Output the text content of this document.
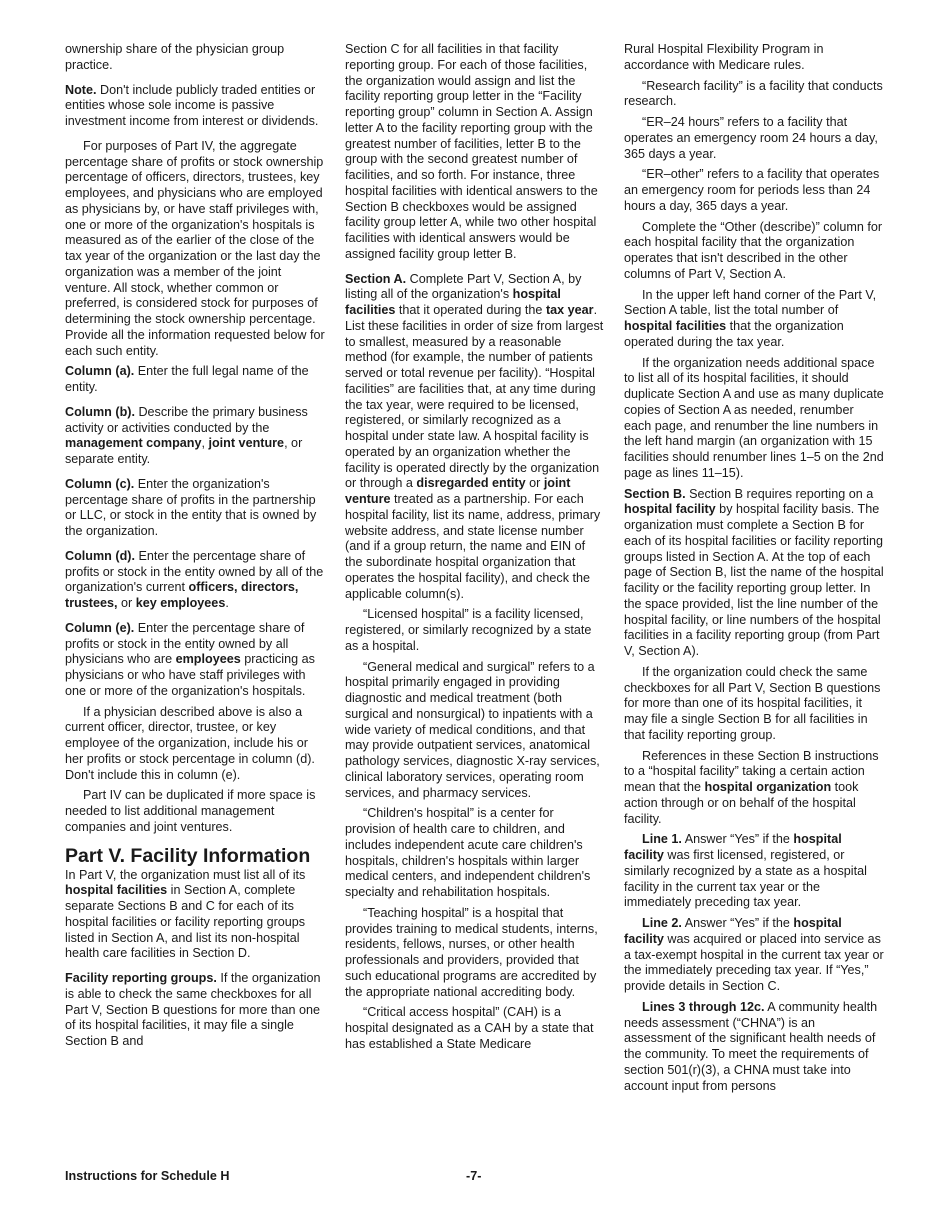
ownership share of the physician group practice.

Note. Don't include publicly traded entities or entities whose sole income is passive investment income from interest or dividends.

For purposes of Part IV, the aggregate percentage share of profits or stock ownership percentage of officers, directors, trustees, key employees, and physicians who are employed as physicians by, or have staff privileges with, one or more of the organization's hospitals is measured as of the earlier of the close of the tax year of the organization or the last day the organization was a member of the joint venture. All stock, whether common or preferred, is considered stock for purposes of determining the stock ownership percentage. Provide all the information requested below for each such entity.

Column (a). Enter the full legal name of the entity.

Column (b). Describe the primary business activity or activities conducted by the management company, joint venture, or separate entity.

Column (c). Enter the organization's percentage share of profits in the partnership or LLC, or stock in the entity that is owned by the organization.

Column (d). Enter the percentage share of profits or stock in the entity owned by all of the organization's current officers, directors, trustees, or key employees.

Column (e). Enter the percentage share of profits or stock in the entity owned by all physicians who are employees practicing as physicians or who have staff privileges with one or more of the organization's hospitals.

If a physician described above is also a current officer, director, trustee, or key employee of the organization, include his or her profits or stock percentage in column (d). Don't include this in column (e).

Part IV can be duplicated if more space is needed to list additional management companies and joint ventures.

Part V. Facility Information

In Part V, the organization must list all of its hospital facilities in Section A, complete separate Sections B and C for each of its hospital facilities or facility reporting groups listed in Section A, and list its non-hospital health care facilities in Section D.

Facility reporting groups. If the organization is able to check the same checkboxes for all Part V, Section B questions for more than one of its hospital facilities, it may file a single Section B and

Section C for all facilities in that facility reporting group. For each of those facilities, the organization would assign and list the facility reporting group letter in the “Facility reporting group” column in Section A. Assign letter A to the facility reporting group with the greatest number of facilities, letter B to the group with the second greatest number of facilities, and so forth. For instance, three hospital facilities with identical answers to the Section B checkboxes would be assigned facility group letter A, while two other hospital facilities with identical answers would be assigned facility group letter B.

Section A. Complete Part V, Section A, by listing all of the organization's hospital facilities that it operated during the tax year. List these facilities in order of size from largest to smallest, measured by a reasonable method (for example, the number of patients served or total revenue per facility). “Hospital facilities” are facilities that, at any time during the tax year, were required to be licensed, registered, or similarly recognized as a hospital under state law. A hospital facility is operated by an organization whether the facility is operated directly by the organization or through a disregarded entity or joint venture treated as a partnership. For each hospital facility, list its name, address, primary website address, and state license number (and if a group return, the name and EIN of the subordinate hospital organization that operates the hospital facility), and check the applicable column(s).

“Licensed hospital” is a facility licensed, registered, or similarly recognized by a state as a hospital.

“General medical and surgical” refers to a hospital primarily engaged in providing diagnostic and medical treatment (both surgical and nonsurgical) to inpatients with a wide variety of medical conditions, and that may provide outpatient services, anatomical pathology services, diagnostic X-ray services, clinical laboratory services, operating room services, and pharmacy services.

“Children's hospital” is a center for provision of health care to children, and includes independent acute care children's hospitals, children's hospitals within larger medical centers, and independent children's specialty and rehabilitation hospitals.

“Teaching hospital” is a hospital that provides training to medical students, interns, residents, fellows, nurses, or other health professionals and providers, provided that such educational programs are accredited by the appropriate national accrediting body.

“Critical access hospital” (CAH) is a hospital designated as a CAH by a state that has established a State Medicare

Rural Hospital Flexibility Program in accordance with Medicare rules.

“Research facility” is a facility that conducts research.

“ER–24 hours” refers to a facility that operates an emergency room 24 hours a day, 365 days a year.

“ER–other” refers to a facility that operates an emergency room for periods less than 24 hours a day, 365 days a year.

Complete the “Other (describe)” column for each hospital facility that the organization operates that isn't described in the other columns of Part V, Section A.

In the upper left hand corner of the Part V, Section A table, list the total number of hospital facilities that the organization operated during the tax year.

If the organization needs additional space to list all of its hospital facilities, it should duplicate Section A and use as many duplicate copies of Section A as needed, renumber each page, and renumber the line numbers in the left hand margin (an organization with 15 facilities should renumber lines 1–5 on the 2nd page as lines 11–15).

Section B. Section B requires reporting on a hospital facility by hospital facility basis. The organization must complete a Section B for each of its hospital facilities or facility reporting groups listed in Section A. At the top of each page of Section B, list the name of the hospital facility or the facility reporting group letter. In the space provided, list the line number of the hospital facility, or line numbers of the hospital facilities in a facility reporting group (from Part V, Section A).

If the organization could check the same checkboxes for all Part V, Section B questions for more than one of its hospital facilities, it may file a single Section B for all facilities in that facility reporting group.

References in these Section B instructions to a “hospital facility” taking a certain action mean that the hospital organization took action through or on behalf of the hospital facility.

Line 1. Answer “Yes” if the hospital facility was first licensed, registered, or similarly recognized by a state as a hospital facility in the current tax year or the immediately preceding tax year.

Line 2. Answer “Yes” if the hospital facility was acquired or placed into service as a tax-exempt hospital in the current tax year or the immediately preceding tax year. If “Yes,” provide details in Section C.

Lines 3 through 12c. A community health needs assessment (“CHNA”) is an assessment of the significant health needs of the community. To meet the requirements of section 501(r)(3), a CHNA must take into account input from persons

Instructions for Schedule H	-7-
